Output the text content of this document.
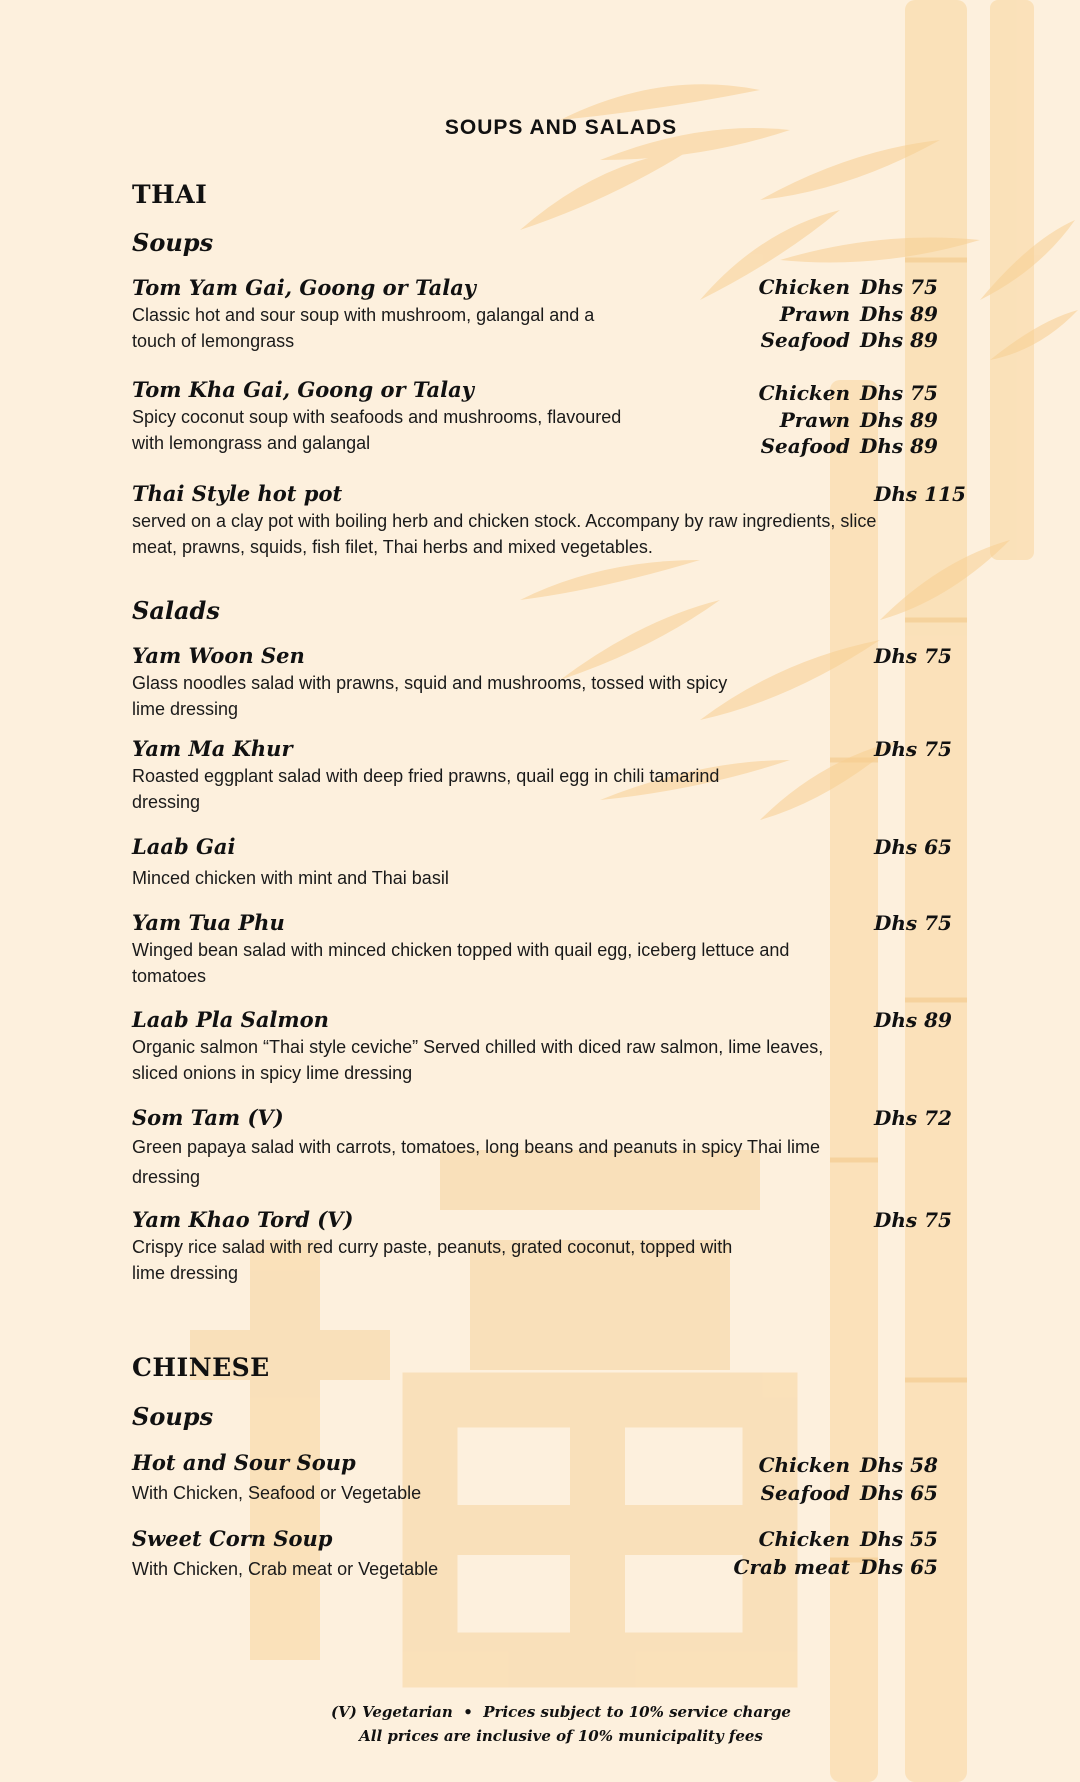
SOUPS AND SALADS
THAI
Soups
Tom Yam Gai, Goong or Talay
Classic hot and sour soup with mushroom, galangal and a touch of lemongrass
Chicken Dhs 75
Prawn Dhs 89
Seafood Dhs 89
Tom Kha Gai, Goong or Talay
Spicy coconut soup with seafoods and mushrooms, flavoured with lemongrass and galangal
Chicken Dhs 75
Prawn Dhs 89
Seafood Dhs 89
Thai Style hot pot
served on a clay pot with boiling herb and chicken stock. Accompany by raw ingredients, slice meat, prawns, squids, fish filet, Thai herbs and mixed vegetables.
Dhs 115
Salads
Yam Woon Sen
Glass noodles salad with prawns, squid and mushrooms, tossed with spicy lime dressing
Dhs 75
Yam Ma Khur
Roasted eggplant salad with deep fried prawns, quail egg in chili tamarind dressing
Dhs 75
Laab Gai
Minced chicken with mint and Thai basil
Dhs 65
Yam Tua Phu
Winged bean salad with minced chicken topped with quail egg, iceberg lettuce and tomatoes
Dhs 75
Laab Pla Salmon
Organic salmon “Thai style ceviche” Served chilled with diced raw salmon, lime leaves, sliced onions in spicy lime dressing
Dhs 89
Som Tam (V)
Green papaya salad with carrots, tomatoes, long beans and peanuts in spicy Thai lime dressing
Dhs 72
Yam Khao Tord (V)
Crispy rice salad with red curry paste, peanuts, grated coconut, topped with lime dressing
Dhs 75
CHINESE
Soups
Hot and Sour Soup
With Chicken, Seafood or Vegetable
Chicken Dhs 58
Seafood Dhs 65
Sweet Corn Soup
With Chicken, Crab meat or Vegetable
Chicken Dhs 55
Crab meat Dhs 65
(V) Vegetarian  •  Prices subject to 10% service charge
All prices are inclusive of 10% municipality fees
